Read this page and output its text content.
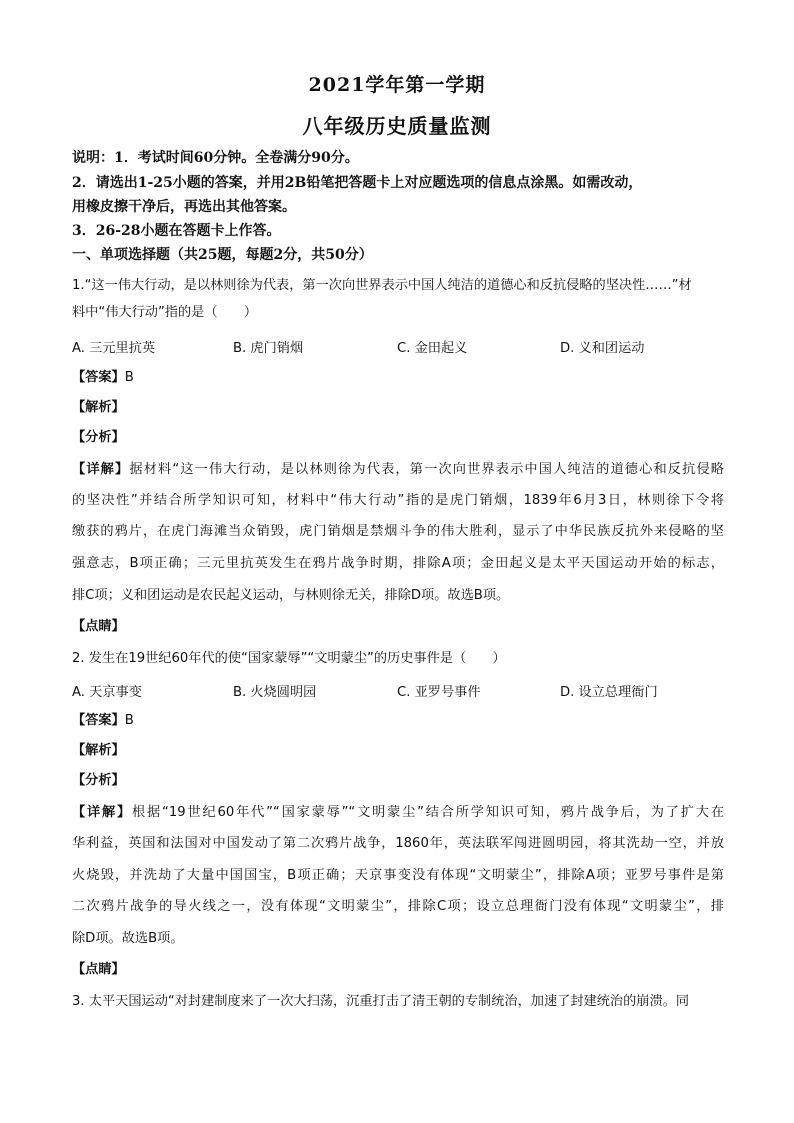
2021学年第一学期
八年级历史质量监测
说明：1．考试时间60分钟。全卷满分90分。
2．请选出1-25小题的答案，并用2B铅笔把答题卡上对应题选项的信息点涂黑。如需改动，
用橡皮擦干净后，再选出其他答案。
3．26-28小题在答题卡上作答。
一、单项选择题（共25题，每题2分，共50分）
1.“这一伟大行动，是以林则徐为代表，第一次向世界表示中国人纯洁的道德心和反抗侵略的坚决性……”材
料中“伟大行动”指的是（　　）
A. 三元里抗英	B. 虎门销烟	C. 金田起义	D. 义和团运动
【答案】B
【解析】
【分析】
【详解】据材料“这一伟大行动，是以林则徐为代表，第一次向世界表示中国人纯洁的道德心和反抗侵略
的坚决性”并结合所学知识可知，材料中“伟大行动”指的是虎门销烟，1839年6月3日，林则徐下令将
缴获的鸦片，在虎门海滩当众销毁，虎门销烟是禁烟斗争的伟大胜利，显示了中华民族反抗外来侵略的坚
强意志，B项正确；三元里抗英发生在鸦片战争时期，排除A项；金田起义是太平天国运动开始的标志，
排C项；义和团运动是农民起义运动，与林则徐无关，排除D项。故选B项。
【点睛】
2. 发生在19世纪60年代的使“国家蒙辱”“文明蒙尘”的历史事件是（　　）
A. 天京事变	B. 火烧圆明园	C. 亚罗号事件	D. 设立总理衙门
【答案】B
【解析】
【分析】
【详解】根据“19世纪60年代”“国家蒙辱”“文明蒙尘”结合所学知识可知，鸦片战争后，为了扩大在
华利益，英国和法国对中国发动了第二次鸦片战争，1860年，英法联军闯进圆明园，将其洗劫一空，并放
火烧毁，并洗劫了大量中国国宝，B项正确；天京事变没有体现“文明蒙尘”，排除A项；亚罗号事件是第
二次鸦片战争的导火线之一，没有体现“文明蒙尘”，排除C项；设立总理衙门没有体现“文明蒙尘”，排
除D项。故选B项。
【点睛】
3. 太平天国运动“对封建制度来了一次大扫荡，沉重打击了清王朝的专制统治，加速了封建统治的崩溃。同
